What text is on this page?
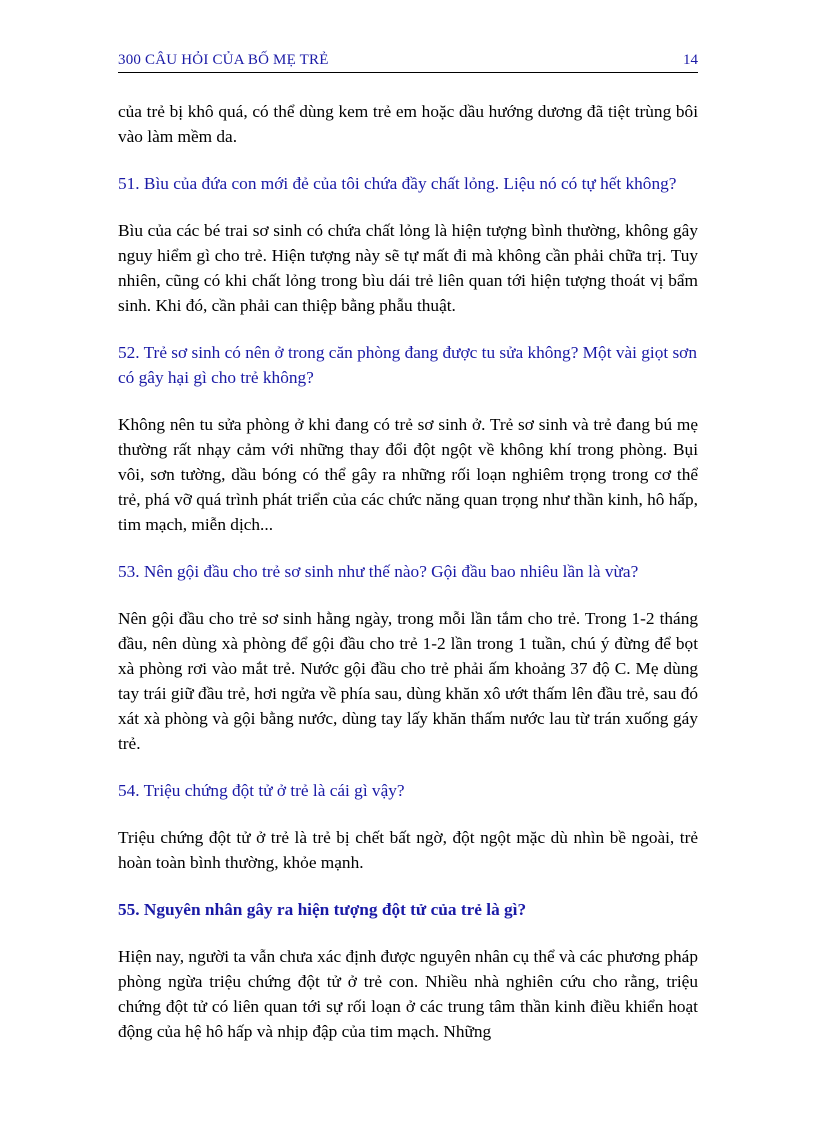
300 CÂU HỎI CỦA BỐ MẸ TRẺ	14

của trẻ bị khô quá, có thể dùng kem trẻ em hoặc dầu hướng dương đã tiệt trùng bôi vào làm mềm da.

51. Bìu của đứa con mới đẻ của tôi chứa đầy chất lỏng. Liệu nó có tự hết không?

Bìu của các bé trai sơ sinh có chứa chất lỏng là hiện tượng bình thường, không gây nguy hiểm gì cho trẻ. Hiện tượng này sẽ tự mất đi mà không cần phải chữa trị. Tuy nhiên, cũng có khi chất lỏng trong bìu dái trẻ liên quan tới hiện tượng thoát vị bẩm sinh. Khi đó, cần phải can thiệp bằng phẫu thuật.

52. Trẻ sơ sinh có nên ở trong căn phòng đang được tu sửa không? Một vài giọt sơn có gây hại gì cho trẻ không?

Không nên tu sửa phòng ở khi đang có trẻ sơ sinh ở. Trẻ sơ sinh và trẻ đang bú mẹ thường rất nhạy cảm với những thay đổi đột ngột về không khí trong phòng. Bụi vôi, sơn tường, dầu bóng có thể gây ra những rối loạn nghiêm trọng trong cơ thể trẻ, phá vỡ quá trình phát triển của các chức năng quan trọng như thần kinh, hô hấp, tim mạch, miễn dịch...

53. Nên gội đầu cho trẻ sơ sinh như thế nào? Gội đầu bao nhiêu lần là vừa?

Nên gội đầu cho trẻ sơ sinh hằng ngày, trong mỗi lần tắm cho trẻ. Trong 1-2 tháng đầu, nên dùng xà phòng để gội đầu cho trẻ 1-2 lần trong 1 tuần, chú ý đừng để bọt xà phòng rơi vào mắt trẻ. Nước gội đầu cho trẻ phải ấm khoảng 37 độ C. Mẹ dùng tay trái giữ đầu trẻ, hơi ngửa về phía sau, dùng khăn xô ướt thấm lên đầu trẻ, sau đó xát xà phòng và gội bằng nước, dùng tay lấy khăn thấm nước lau từ trán xuống gáy trẻ.

54. Triệu chứng đột tử ở trẻ là cái gì vậy?

Triệu chứng đột tử ở trẻ là trẻ bị chết bất ngờ, đột ngột mặc dù nhìn bề ngoài, trẻ hoàn toàn bình thường, khỏe mạnh.

55. Nguyên nhân gây ra hiện tượng đột tử của trẻ là gì?

Hiện nay, người ta vẫn chưa xác định được nguyên nhân cụ thể và các phương pháp phòng ngừa triệu chứng đột tử ở trẻ con. Nhiều nhà nghiên cứu cho rằng, triệu chứng đột tử có liên quan tới sự rối loạn ở các trung tâm thần kinh điều khiển hoạt động của hệ hô hấp và nhịp đập của tim mạch. Những
